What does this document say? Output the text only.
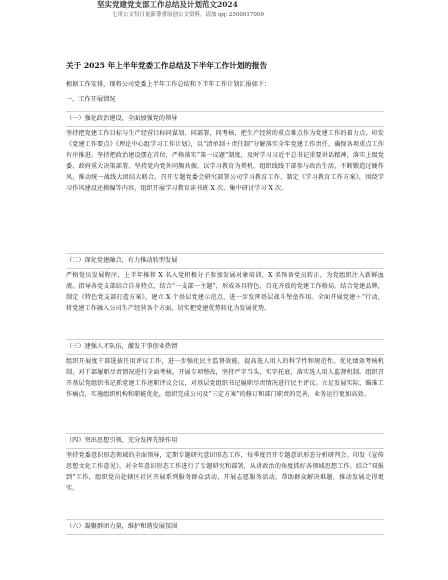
坚实党建党支部工作总结及计划范文2024
七哥公文每日更新尊重原创公文资料，请加 qq: 2500017009
关于 2025 年上半年党委工作总结及下半年工作计划的报告
根据工作安排，现将公司党委上半年工作总结和下半年工作计划汇报如下：
一、工作开展情况
（一）强化政治建设，全面加强党的领导
坚持把党建工作目标与生产经营目标同谋划、同部署、同考核，把生产经营的重点难点作为党建工作的着力点，印发《党建工作要点》《理论中心组学习工作计划》，以“清单制＋责任制”分解落实全年党建工作责任，确保各项重点工作有序推进。坚持把政治建设摆在首位，严格落实“第一议题”制度，及时学习习近平总书记重要讲话精神，落实上级党委、政府重大决策部署。坚持党内党外同频共振，以学习教育为契机，组织线线干部参与政治生活，不断锻造过硬作风，推动统一战线大团结大联合。召开专题党委会研究部署公司学习教育工作，制定《学习教育工作方案》，围绕学习作风建设还摸编等内容，组织开展学习教育读书班 X 次，集中研讨学习 X 次。
（二）深化党建融合，有力推动转型发展
严格党员发展程序，上半年推荐 X 名入党积极分子参加发展对象培训，X 名预备党员转正，为党组织注入新鲜血液。指导各党支部结合自身特点，结合“一支部一主题”，形成各具特色、百花齐放的党建工作格局。结合党建品牌，制定《特色党支部打造方案》，建立 X 个基层党建示范点，进一步发挥基层战斗堡垒作用。全面开展党建＋“行动，将党建工作融入公司生产经营各个方面，切实把党建优势转化为发展优势。
（三）建强人才队伍，激发干事创业热情
组织开展度干部选拔任用评议工作，进一步强化民主监督效能，提高选人用人的科学性和规范性。优化绩效考核机制，对干部履职尽责情况进行全面考核。开展专项整改，坚持严字当头、实字托底，落实选人用人监督机制。组织召开基层党组织书记抓党建工作述职评议会议，对基层党组织书记履职尽责情况进行民主评议。立足发展实际，瞄准工作痛点，实施组织机构和职能优化，组织完成公司及“三定方案”的修订和部门职责的完善，业务运行更加高效。
（四）突出思想引领，充分发挥先锋作用
坚持党委意识形态领域的全面领导，定期专题研究意识形态工作，每季度召开专题意识形态分析研判会。印发《宣传思想文化工作意见》，对全年意识形态工作进行了专题研究和部署，从讲政治的角度抓好各领域思想工作。结合“双报到”工作，组织党员赴辖区社区开展系列服务群众活动，开展志愿服务活动，帮助群众解决难题，推动发展走得更实。
（六）凝聚群团力量，维护和谐发展氛围
